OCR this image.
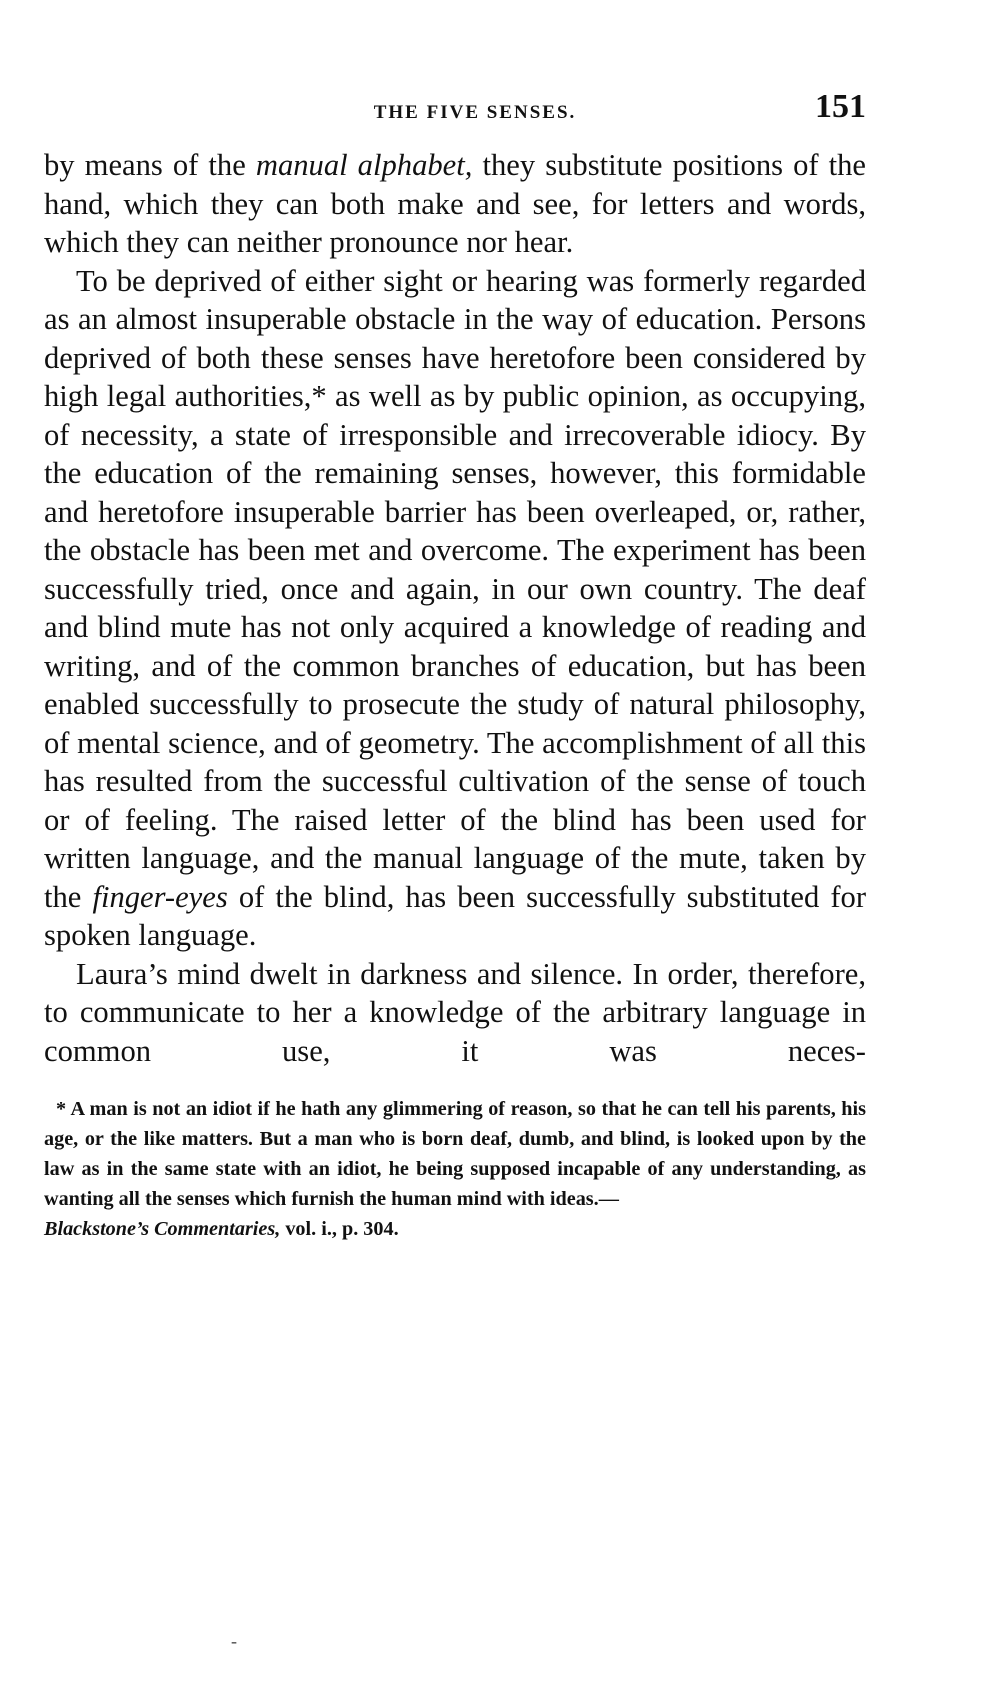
THE FIVE SENSES.	151

by means of the manual alphabet, they substitute positions of the hand, which they can both make and see, for letters and words, which they can neither pronounce nor hear.

To be deprived of either sight or hearing was formerly regarded as an almost insuperable obstacle in the way of education. Persons deprived of both these senses have heretofore been considered by high legal authorities,* as well as by public opinion, as occupying, of necessity, a state of irresponsible and irrecoverable idiocy. By the education of the remaining senses, however, this formidable and heretofore insuperable barrier has been overleaped, or, rather, the obstacle has been met and overcome. The experiment has been successfully tried, once and again, in our own country. The deaf and blind mute has not only acquired a knowledge of reading and writing, and of the common branches of education, but has been enabled successfully to prosecute the study of natural philosophy, of mental science, and of geometry. The accomplishment of all this has resulted from the successful cultivation of the sense of touch or of feeling. The raised letter of the blind has been used for written language, and the manual language of the mute, taken by the finger-eyes of the blind, has been successfully substituted for spoken language.

Laura’s mind dwelt in darkness and silence. In order, therefore, to communicate to her a knowledge of the arbitrary language in common use, it was neces-

* A man is not an idiot if he hath any glimmering of reason, so that he can tell his parents, his age, or the like matters. But a man who is born deaf, dumb, and blind, is looked upon by the law as in the same state with an idiot, he being supposed incapable of any understanding, as wanting all the senses which furnish the human mind with ideas.—
Blackstone’s Commentaries, vol. i., p. 304.

-
